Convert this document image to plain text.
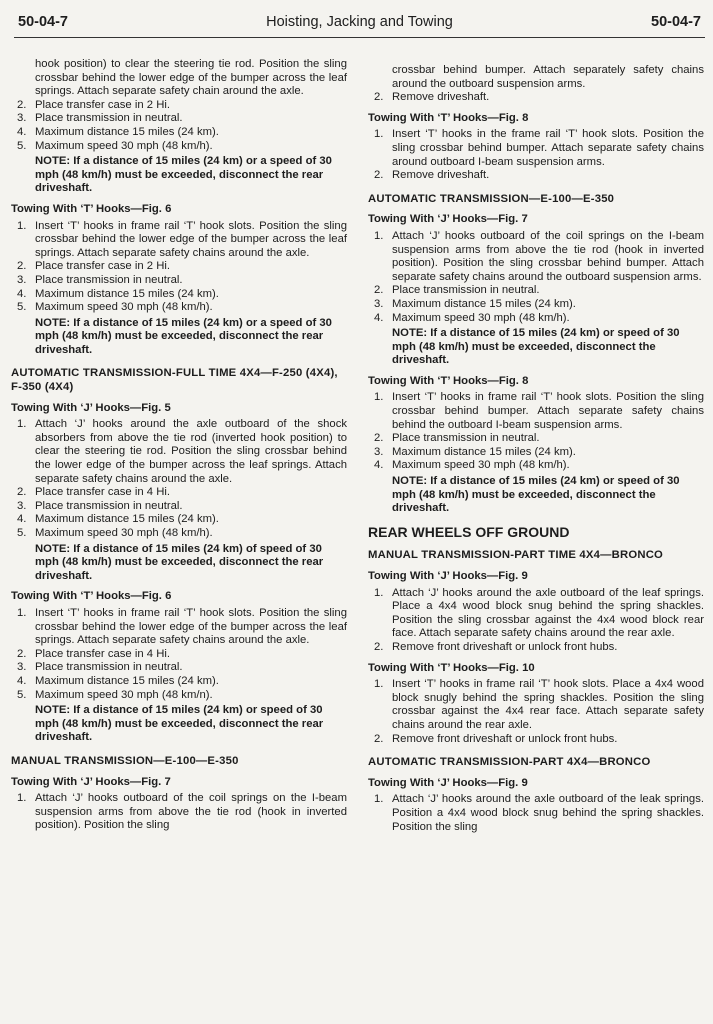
50-04-7	Hoisting, Jacking and Towing	50-04-7

hook position) to clear the steering tie rod. Position the sling crossbar behind the lower edge of the bumper across the leaf springs. Attach separate safety chain around the axle.

2. Place transfer case in 2 Hi.
3. Place transmission in neutral.
4. Maximum distance 15 miles (24 km).
5. Maximum speed 30 mph (48 km/h).

NOTE: If a distance of 15 miles (24 km) or a speed of 30 mph (48 km/h) must be exceeded, disconnect the rear driveshaft.

Towing With ‘T’ Hooks—Fig. 6

1. Insert ‘T’ hooks in frame rail ‘T’ hook slots. Position the sling crossbar behind the lower edge of the bumper across the leaf springs. Attach separate safety chains around the axle.
2. Place transfer case in 2 Hi.
3. Place transmission in neutral.
4. Maximum distance 15 miles (24 km).
5. Maximum speed 30 mph (48 km/h).

NOTE: If a distance of 15 miles (24 km) or a speed of 30 mph (48 km/h) must be exceeded, disconnect the rear driveshaft.

AUTOMATIC TRANSMISSION-FULL TIME 4X4—F-250 (4X4), F-350 (4X4)

Towing With ‘J’ Hooks—Fig. 5

1. Attach ‘J’ hooks around the axle outboard of the shock absorbers from above the tie rod (inverted hook position) to clear the steering tie rod. Position the sling crossbar behind the lower edge of the bumper across the leaf springs. Attach separate safety chains around the axle.
2. Place transfer case in 4 Hi.
3. Place transmission in neutral.
4. Maximum distance 15 miles (24 km).
5. Maximum speed 30 mph (48 km/h).

NOTE: If a distance of 15 miles (24 km) of speed of 30 mph (48 km/h) must be exceeded, disconnect the rear driveshaft.

Towing With ‘T’ Hooks—Fig. 6

1. Insert ‘T’ hooks in frame rail ‘T’ hook slots. Position the sling crossbar behind the lower edge of the bumper across the leaf springs. Attach separate safety chains around the axle.
2. Place transfer case in 4 Hi.
3. Place transmission in neutral.
4. Maximum distance 15 miles (24 km).
5. Maximum speed 30 mph (48 km/n).

NOTE: If a distance of 15 miles (24 km) or speed of 30 mph (48 km/h) must be exceeded, disconnect the rear driveshaft.

MANUAL TRANSMISSION—E-100—E-350

Towing With ‘J’ Hooks—Fig. 7

1. Attach ‘J’ hooks outboard of the coil springs on the I-beam suspension arms from above the tie rod (hook in inverted position). Position the sling

crossbar behind bumper. Attach separately safety chains around the outboard suspension arms.

2. Remove driveshaft.

Towing With ‘T’ Hooks—Fig. 8

1. Insert ‘T’ hooks in the frame rail ‘T’ hook slots. Position the sling crossbar behind bumper. Attach separate safety chains around outboard I-beam suspension arms.
2. Remove driveshaft.

AUTOMATIC TRANSMISSION—E-100—E-350

Towing With ‘J’ Hooks—Fig. 7

1. Attach ‘J’ hooks outboard of the coil springs on the I-beam suspension arms from above the tie rod (hook in inverted position). Position the sling crossbar behind bumper. Attach separate safety chains around the outboard suspension arms.
2. Place transmission in neutral.
3. Maximum distance 15 miles (24 km).
4. Maximum speed 30 mph (48 km/h).

NOTE: If a distance of 15 miles (24 km) or speed of 30 mph (48 km/h) must be exceeded, disconnect the driveshaft.

Towing With ‘T’ Hooks—Fig. 8

1. Insert ‘T’ hooks in frame rail ‘T’ hook slots. Position the sling crossbar behind bumper. Attach separate safety chains behind the outboard I-beam suspension arms.
2. Place transmission in neutral.
3. Maximum distance 15 miles (24 km).
4. Maximum speed 30 mph (48 km/h).

NOTE: If a distance of 15 miles (24 km) or speed of 30 mph (48 km/h) must be exceeded, disconnect the driveshaft.

REAR WHEELS OFF GROUND

MANUAL TRANSMISSION-PART TIME 4X4—BRONCO

Towing With ‘J’ Hooks—Fig. 9

1. Attach ‘J’ hooks around the axle outboard of the leaf springs. Place a 4x4 wood block snug behind the spring shackles. Position the sling crossbar against the 4x4 wood block rear face. Attach separate safety chains around the rear axle.
2. Remove front driveshaft or unlock front hubs.

Towing With ‘T’ Hooks—Fig. 10

1. Insert ‘T’ hooks in frame rail ‘T’ hook slots. Place a 4x4 wood block snugly behind the spring shackles. Position the sling crossbar against the 4x4 rear face. Attach separate safety chains around the rear axle.
2. Remove front driveshaft or unlock front hubs.

AUTOMATIC TRANSMISSION-PART 4X4—BRONCO

Towing With ‘J’ Hooks—Fig. 9

1. Attach ‘J’ hooks around the axle outboard of the leak springs. Position a 4x4 wood block snug behind the spring shackles. Position the sling
